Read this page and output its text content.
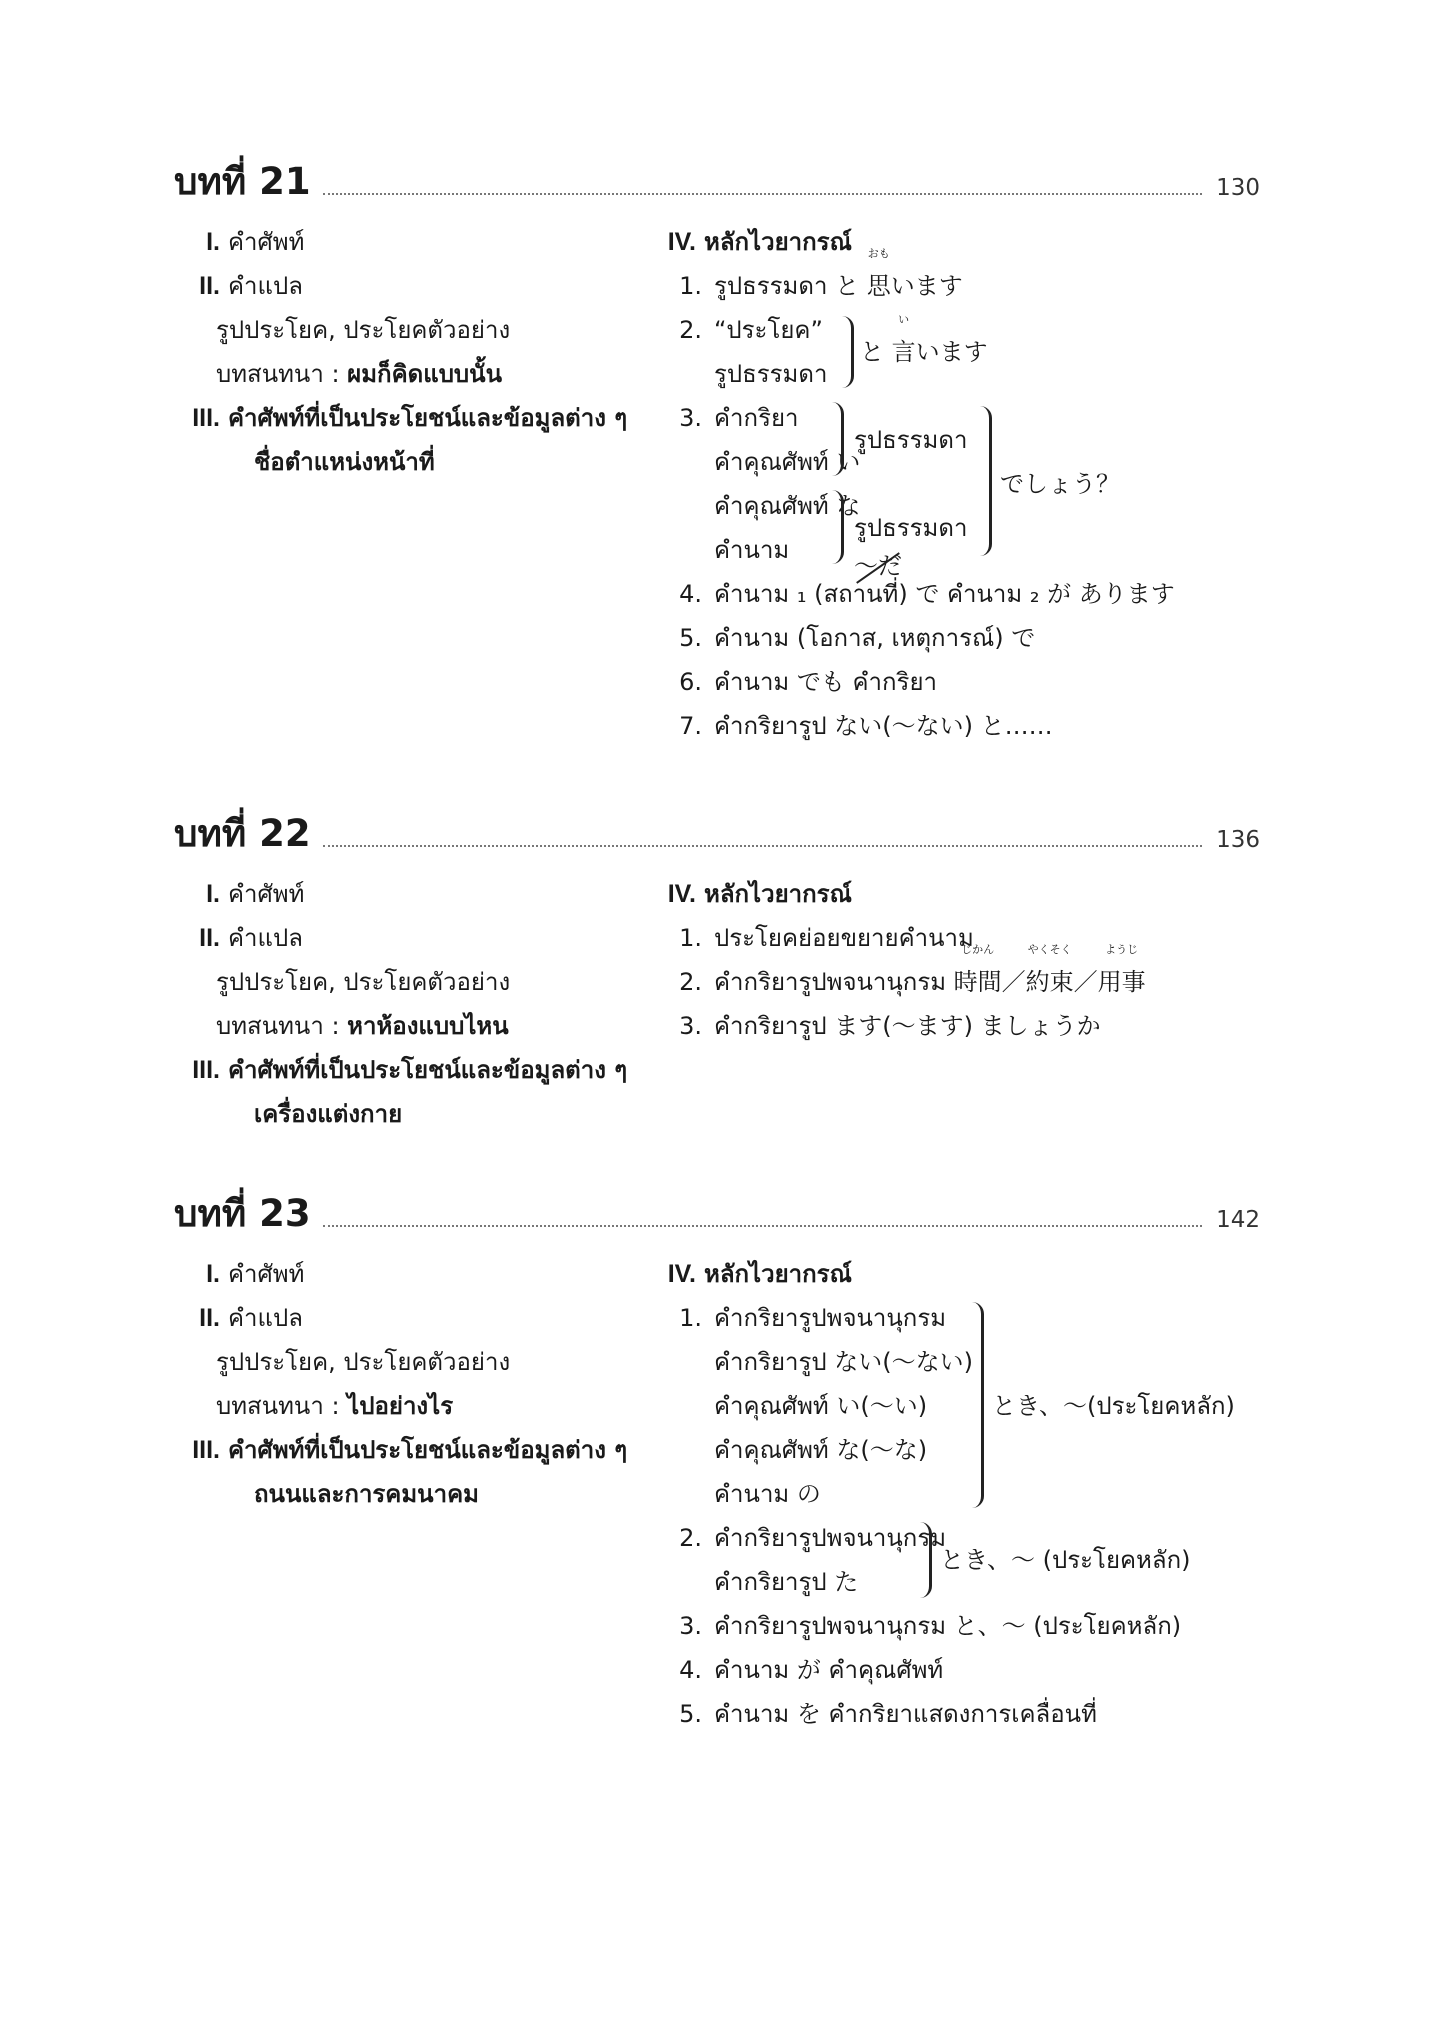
บทที่ 21	130
I. คำศัพท์
II. คำแปล
รูปประโยค, ประโยคตัวอย่าง
บทสนทนา : ผมก็คิดแบบนั้น
III. คำศัพท์ที่เป็นประโยชน์และข้อมูลต่าง ๆ
ชื่อตำแหน่งหน้าที่
IV. หลักไวยากรณ์
1. รูปธรรมดา と
おも
思います
2. “ประโยค”
รูปธรรมดา
と
い
言います
3. คำกริยา
คำคุณศัพท์ い
คำคุณศัพท์ な
คำนาม
รูปธรรมดา
รูปธรรมดา
～だ
でしょう？
4. คำนาม ₁ (สถานที่) で คำนาม ₂ が あります
5. คำนาม (โอกาส, เหตุการณ์) で
6. คำนาม でも คำกริยา
7. คำกริยารูป ない(～ない) と……
บทที่ 22	136
I. คำศัพท์
II. คำแปล
รูปประโยค, ประโยคตัวอย่าง
บทสนทนา : หาห้องแบบไหน
III. คำศัพท์ที่เป็นประโยชน์และข้อมูลต่าง ๆ
เครื่องแต่งกาย
IV. หลักไวยากรณ์
1. ประโยคย่อยขยายคำนาม
2. คำกริยารูปพจนานุกรม
じかん
時間／
やくそく
約束／
ようじ
用事
3. คำกริยารูป ます(～ます) ましょうか
บทที่ 23	142
I. คำศัพท์
II. คำแปล
รูปประโยค, ประโยคตัวอย่าง
บทสนทนา : ไปอย่างไร
III. คำศัพท์ที่เป็นประโยชน์และข้อมูลต่าง ๆ
ถนนและการคมนาคม
IV. หลักไวยากรณ์
1. คำกริยารูปพจนานุกรม
คำกริยารูป ない(～ない)
คำคุณศัพท์ い(～い)
คำคุณศัพท์ な(～な)
คำนาม の
とき、～(ประโยคหลัก)
2. คำกริยารูปพจนานุกรม
คำกริยารูป た
とき、～ (ประโยคหลัก)
3. คำกริยารูปพจนานุกรม と、～ (ประโยคหลัก)
4. คำนาม が คำคุณศัพท์
5. คำนาม を คำกริยาแสดงการเคลื่อนที่
